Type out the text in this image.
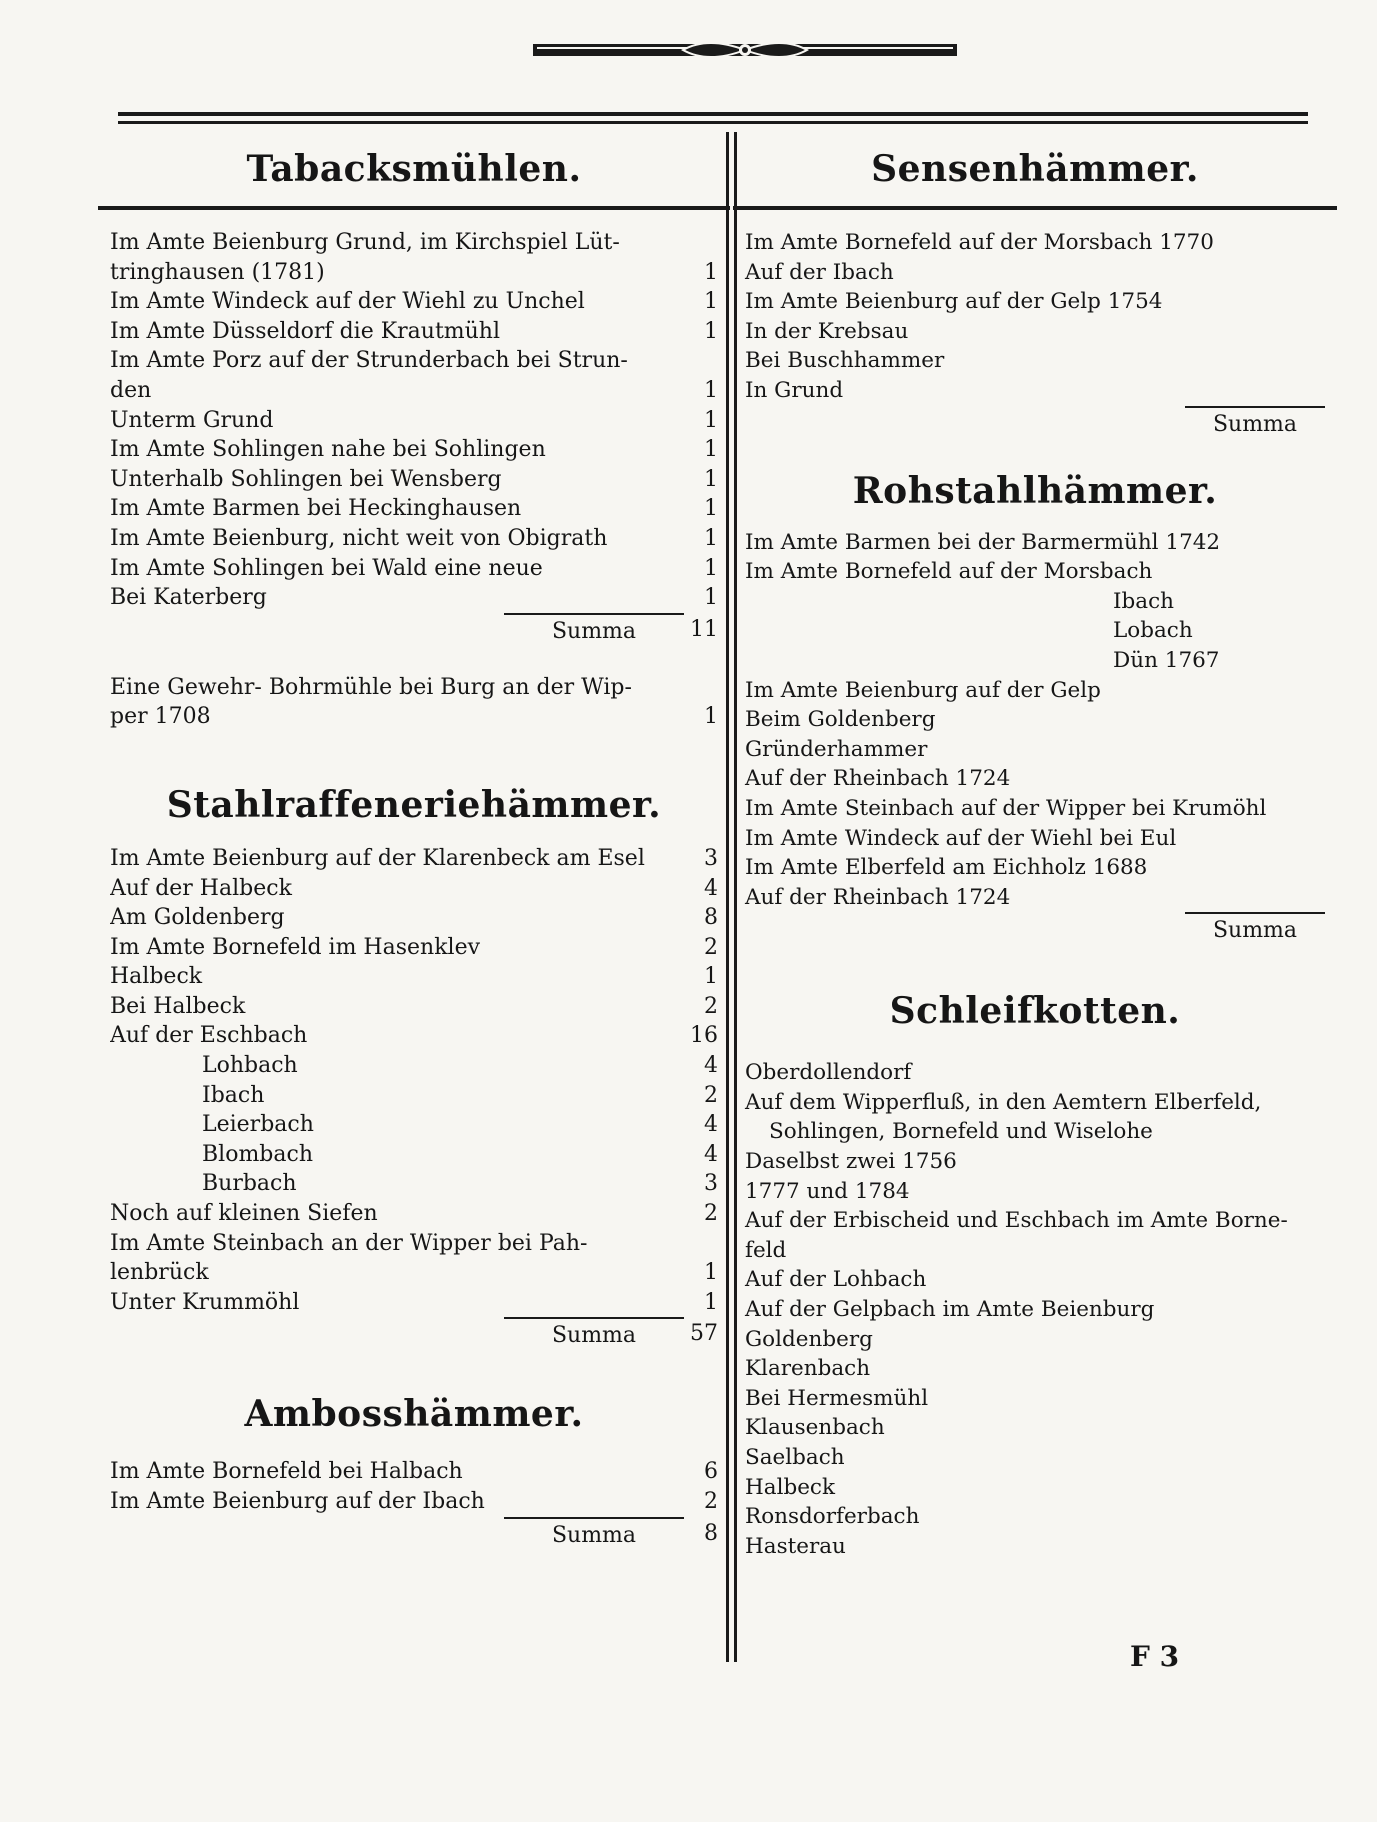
Tabacksmühlen.
Im Amte Beienburg Grund, im Kirchspiel Lüt-
tringhausen (1781)	1
Im Amte Windeck auf der Wiehl zu Unchel	1
Im Amte Düsseldorf die Krautmühl	1
Im Amte Porz auf der Strunderbach bei Strun-
den	1
Unterm Grund	1
Im Amte Sohlingen nahe bei Sohlingen	1
Unterhalb Sohlingen bei Wensberg	1
Im Amte Barmen bei Heckinghausen	1
Im Amte Beienburg, nicht weit von Obigrath	1
Im Amte Sohlingen bei Wald eine neue	1
Bei Katerberg	1
Summa	11
Eine Gewehr- Bohrmühle bei Burg an der Wip-
per 1708	1
Stahlraffeneriehämmer.
Im Amte Beienburg auf der Klarenbeck am Esel	3
Auf der Halbeck	4
Am Goldenberg	8
Im Amte Bornefeld im Hasenklev	2
Halbeck	1
Bei Halbeck	2
Auf der Eschbach	16
Lohbach	4
Ibach	2
Leierbach	4
Blombach	4
Burbach	3
Noch auf kleinen Siefen	2
Im Amte Steinbach an der Wipper bei Pah-
lenbrück	1
Unter Krummöhl	1
Summa	57
Ambosshämmer.
Im Amte Bornefeld bei Halbach	6
Im Amte Beienburg auf der Ibach	2
Summa	8
Sensenhämmer.
Im Amte Bornefeld auf der Morsbach 1770
Auf der Ibach
Im Amte Beienburg auf der Gelp 1754
In der Krebsau
Bei Buschhammer
In Grund
Summa
Rohstahlhämmer.
Im Amte Barmen bei der Barmermühl 1742
Im Amte Bornefeld auf der Morsbach
Ibach
Lobach
Dün 1767
Im Amte Beienburg auf der Gelp
Beim Goldenberg
Gründerhammer
Auf der Rheinbach 1724
Im Amte Steinbach auf der Wipper bei Krumöhl
Im Amte Windeck auf der Wiehl bei Eul
Im Amte Elberfeld am Eichholz 1688
Auf der Rheinbach 1724
Summa
Schleifkotten.
Oberdollendorf
Auf dem Wipperfluß, in den Aemtern Elberfeld,
Sohlingen, Bornefeld und Wiselohe
Daselbst zwei 1756
1777 und 1784
Auf der Erbischeid und Eschbach im Amte Borne-
feld
Auf der Lohbach
Auf der Gelpbach im Amte Beienburg
Goldenberg
Klarenbach
Bei Hermesmühl
Klausenbach
Saelbach
Halbeck
Ronsdorferbach
Hasterau
F 3
